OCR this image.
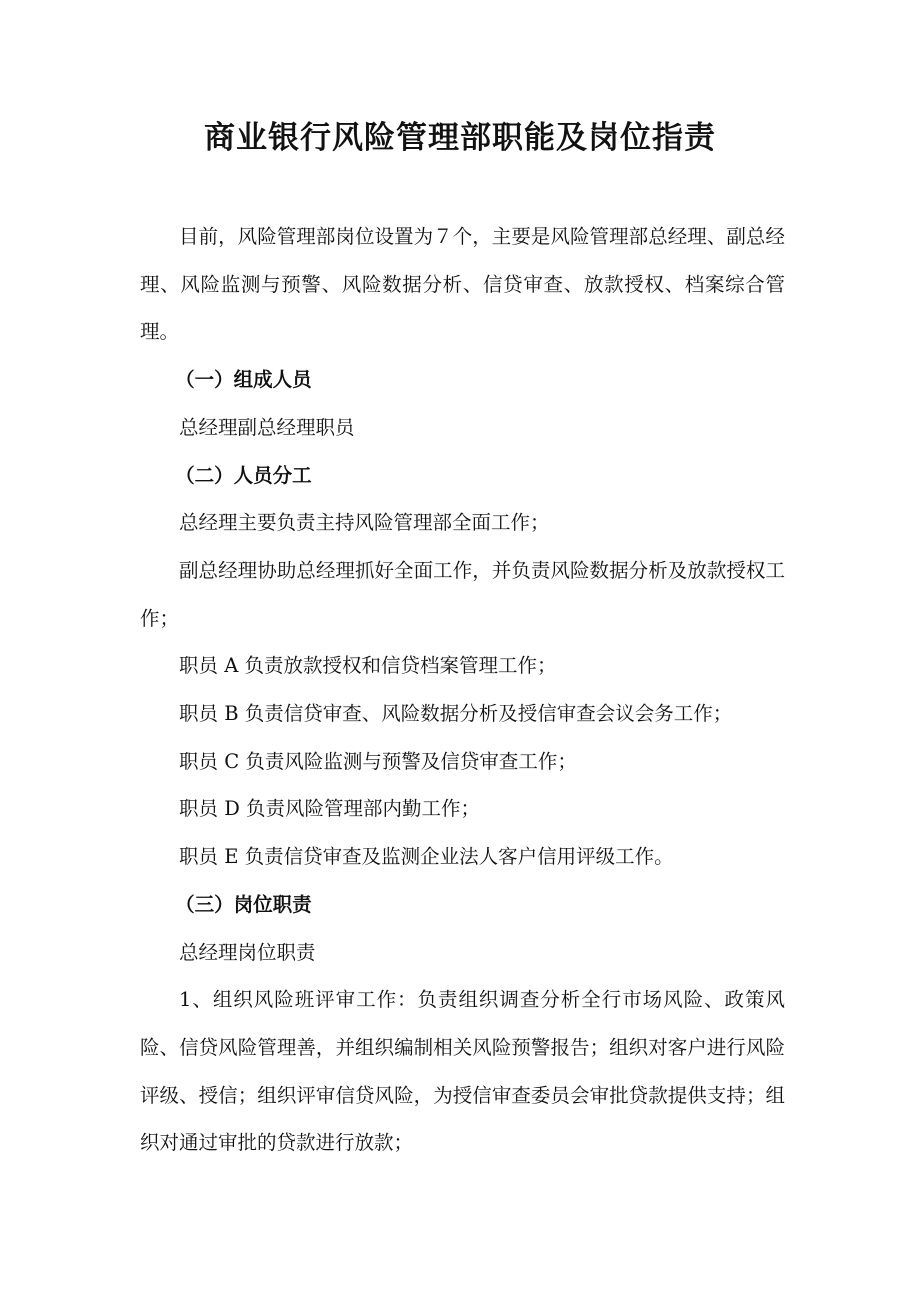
商业银行风险管理部职能及岗位指责

目前，风险管理部岗位设置为７个，主要是风险管理部总经理、副总经理、风险监测与预警、风险数据分析、信贷审查、放款授权、档案综合管理。

（一）组成人员

总经理副总经理职员

（二）人员分工

总经理主要负责主持风险管理部全面工作；

副总经理协助总经理抓好全面工作，并负责风险数据分析及放款授权工作；

职员 A 负责放款授权和信贷档案管理工作；

职员 B 负责信贷审查、风险数据分析及授信审查会议会务工作；

职员 C 负责风险监测与预警及信贷审查工作；

职员 D 负责风险管理部内勤工作；

职员 E 负责信贷审查及监测企业法人客户信用评级工作。

（三）岗位职责

总经理岗位职责

1、组织风险班评审工作：负责组织调查分析全行市场风险、政策风险、信贷风险管理善，并组织编制相关风险预警报告；组织对客户进行风险评级、授信；组织评审信贷风险，为授信审查委员会审批贷款提供支持；组织对通过审批的贷款进行放款；
